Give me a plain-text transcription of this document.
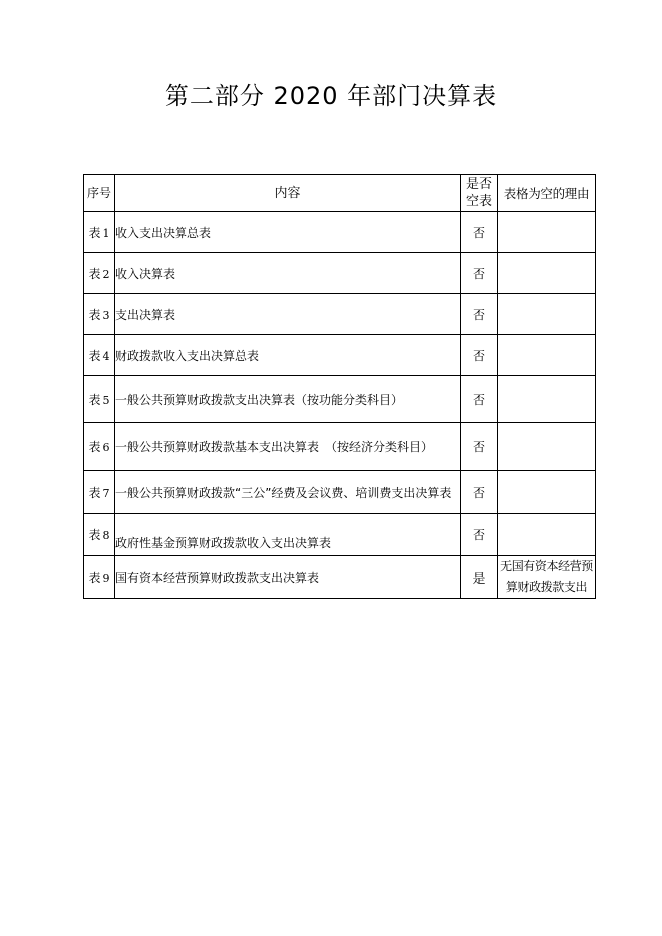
第二部分 2020 年部门决算表
序号	内容	是否空表	表格为空的理由
表 1	收入支出决算总表	否	
表 2	收入决算表	否	
表 3	支出决算表	否	
表 4	财政拨款收入支出决算总表	否	
表 5	一般公共预算财政拨款支出决算表（按功能分类科目）	否	
表 6	一般公共预算财政拨款基本支出决算表　（按经济分类科目）	否	
表 7	一般公共预算财政拨款“三公”经费及会议费、培训费支出决算表	否	
表 8	政府性基金预算财政拨款收入支出决算表	否	
表 9	国有资本经营预算财政拨款支出决算表	是	无国有资本经营预算财政拨款支出
